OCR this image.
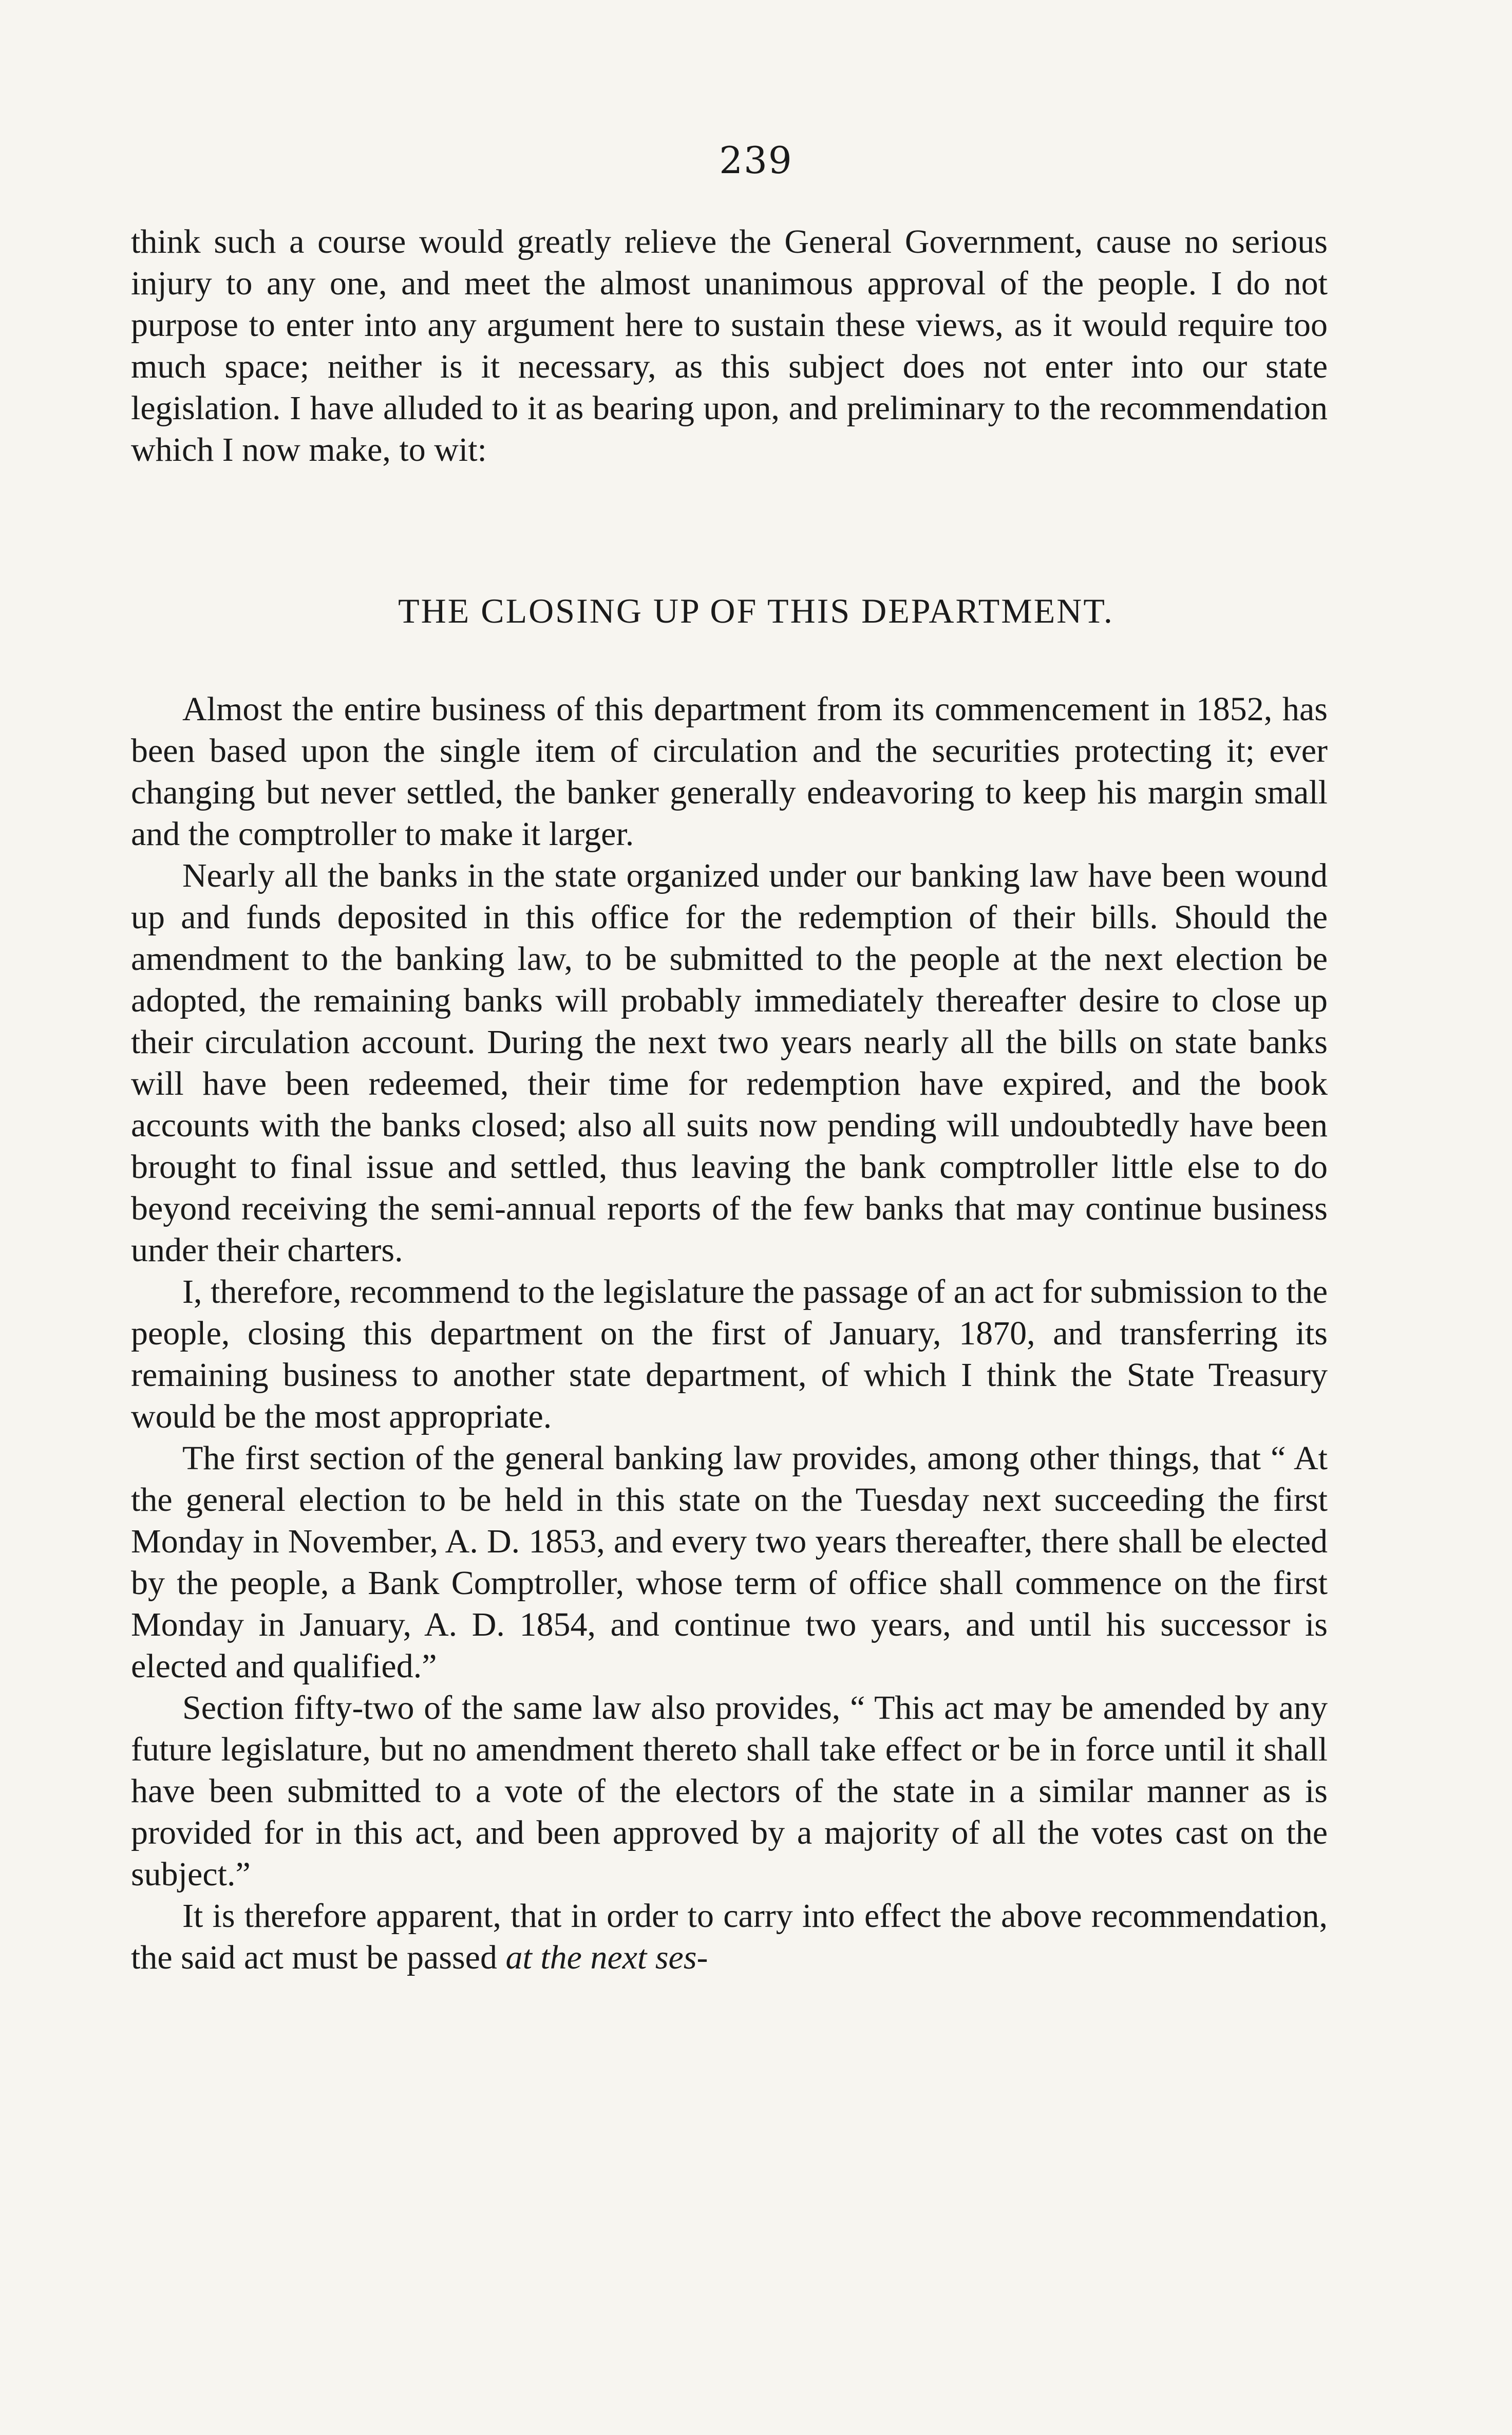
239

think such a course would greatly relieve the General Government, cause no serious injury to any one, and meet the almost unanimous approval of the people. I do not purpose to enter into any argument here to sustain these views, as it would require too much space; neither is it necessary, as this subject does not enter into our state legislation. I have alluded to it as bearing upon, and preliminary to the recommendation which I now make, to wit:

THE CLOSING UP OF THIS DEPARTMENT.

Almost the entire business of this department from its commencement in 1852, has been based upon the single item of circulation and the securities protecting it; ever changing but never settled, the banker generally endeavoring to keep his margin small and the comptroller to make it larger.

Nearly all the banks in the state organized under our banking law have been wound up and funds deposited in this office for the redemption of their bills. Should the amendment to the banking law, to be submitted to the people at the next election be adopted, the remaining banks will probably immediately thereafter desire to close up their circulation account. During the next two years nearly all the bills on state banks will have been redeemed, their time for redemption have expired, and the book accounts with the banks closed; also all suits now pending will undoubtedly have been brought to final issue and settled, thus leaving the bank comptroller little else to do beyond receiving the semi-annual reports of the few banks that may continue business under their charters.

I, therefore, recommend to the legislature the passage of an act for submission to the people, closing this department on the first of January, 1870, and transferring its remaining business to another state department, of which I think the State Treasury would be the most appropriate.

The first section of the general banking law provides, among other things, that “ At the general election to be held in this state on the Tuesday next succeeding the first Monday in November, A. D. 1853, and every two years thereafter, there shall be elected by the people, a Bank Comptroller, whose term of office shall commence on the first Monday in January, A. D. 1854, and continue two years, and until his successor is elected and qualified.”

Section fifty-two of the same law also provides, “ This act may be amended by any future legislature, but no amendment thereto shall take effect or be in force until it shall have been submitted to a vote of the electors of the state in a similar manner as is provided for in this act, and been approved by a majority of all the votes cast on the subject.”

It is therefore apparent, that in order to carry into effect the above recommendation, the said act must be passed at the next ses-
